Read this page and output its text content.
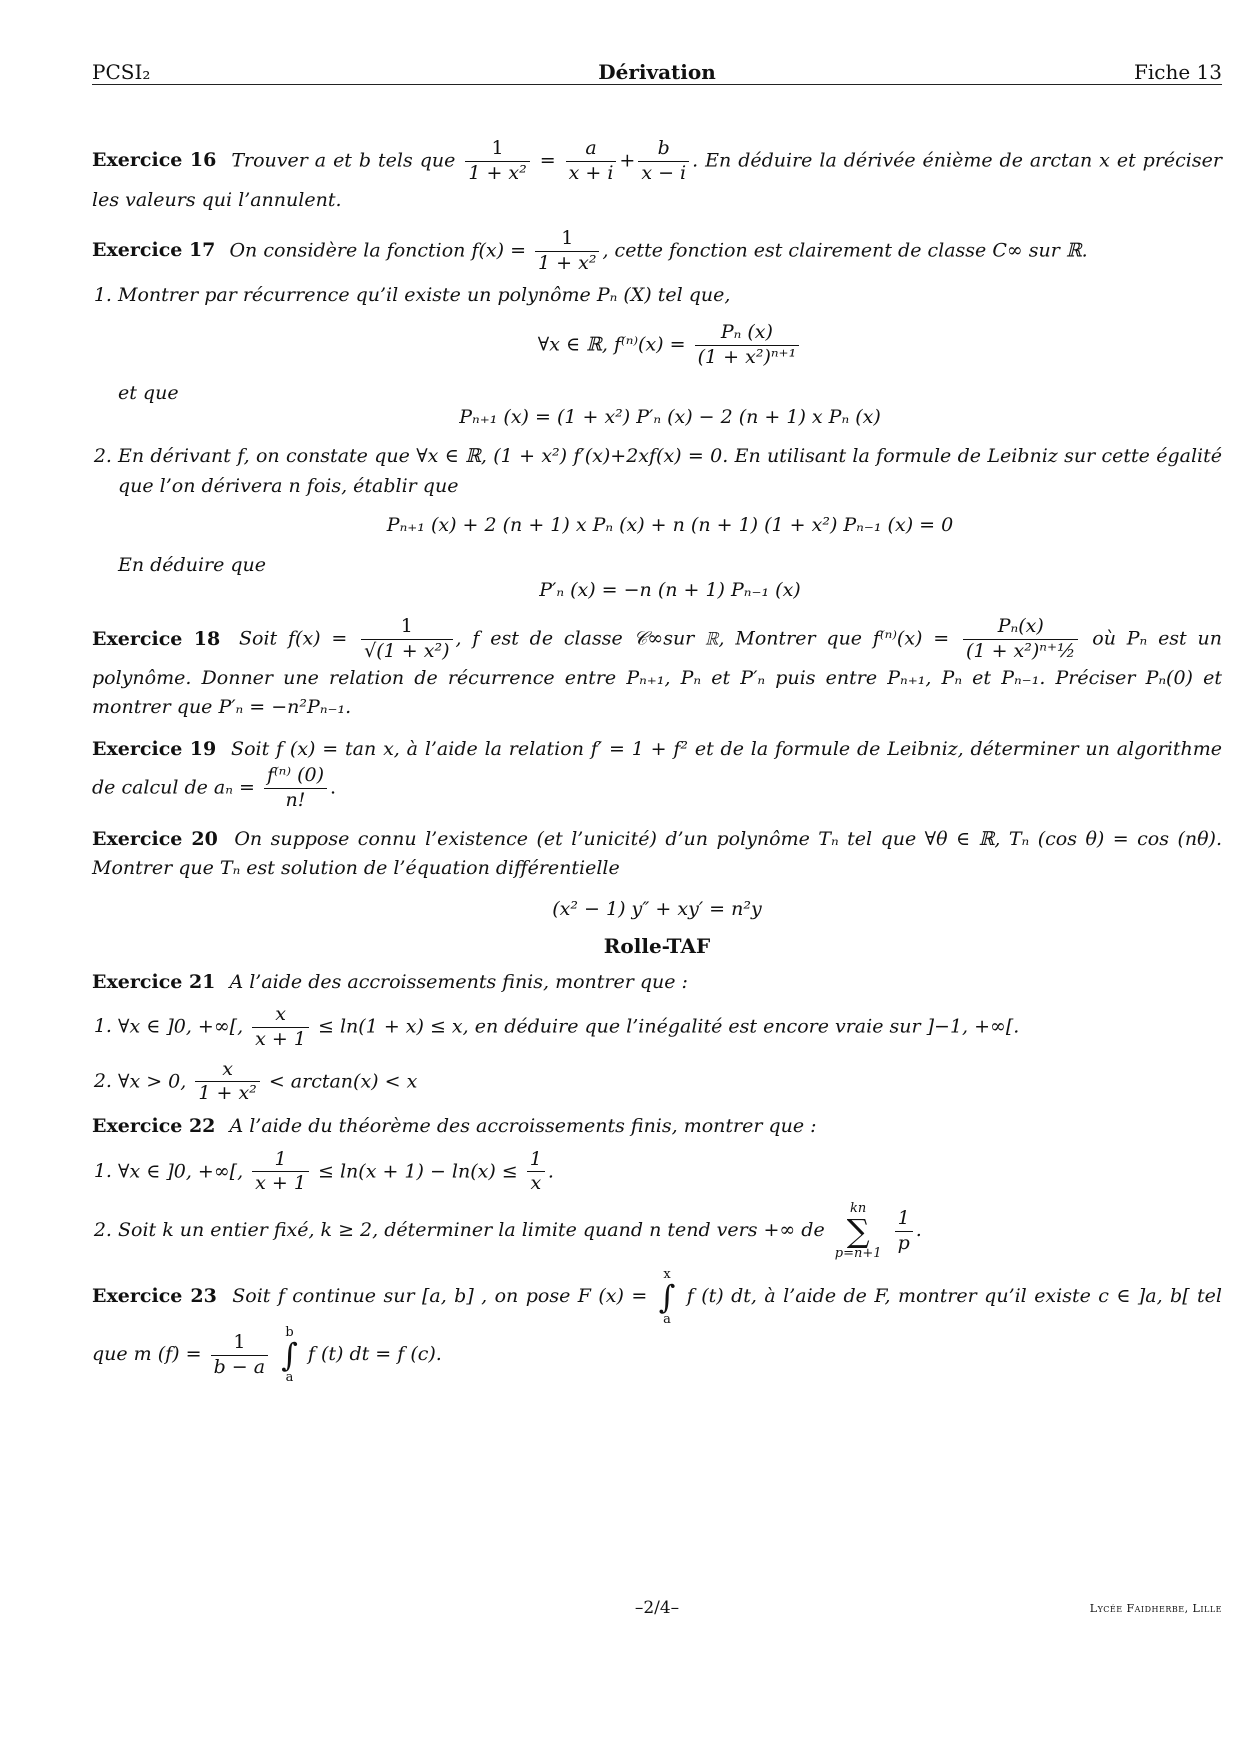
PCSI₂	Dérivation	Fiche 13

Exercice 16 Trouver a et b tels que $\frac{1}{\text{1 + x²}} = \frac{a}{x + i} + \frac{b}{x - i}$ . En déduire la dérivée énième de arctan x et préciser les valeurs qui l’annulent.

Exercice 17 On considère la fonction $f(x) = \frac{1}{\text{1 + x²}}$ , cette fonction est clairement de classe C∞ sur ℝ.

1. Montrer par récurrence qu’il existe un polynôme Pₙ (X) tel que,
∀x ∈ ℝ, $f^{(n)}(x) = \frac{\text{Pₙ (x)}}{\text{(1 + x²)ⁿ⁺¹}}$
et que
Pₙ₊₁ (x) = (1 + x²) P′ₙ (x) − 2 (n + 1) x Pₙ (x)
2. En dérivant f, on constate que ∀x ∈ ℝ, (1 + x²) f′(x)+2xf(x) = 0. En utilisant la formule de Leibniz sur cette égalité que l’on dérivera n fois, établir que
Pₙ₊₁ (x) + 2 (n + 1) x Pₙ (x) + n (n + 1) (1 + x²) Pₙ₋₁ (x) = 0
En déduire que
P′ₙ (x) = −n (n + 1) Pₙ₋₁ (x)

Exercice 18 Soit $f(x) = \frac{1}{\text{√(1 + x²)}}$ , f est de classe 𝒞∞sur ℝ, Montrer que $f^{(n)}(x) = \frac{\text{Pₙ(x)}}{\text{(1 + x²)ⁿ⁺½}}$ où Pₙ est un polynôme. Donner une relation de récurrence entre Pₙ₊₁, Pₙ et P′ₙ puis entre Pₙ₊₁, Pₙ et Pₙ₋₁. Préciser Pₙ(0) et montrer que P′ₙ = −n²Pₙ₋₁.

Exercice 19 Soit f (x) = tan x, à l’aide la relation f′ = 1 + f² et de la formule de Leibniz, déterminer un algorithme de calcul de $a_n = \frac{\text{f⁽ⁿ⁾ (0)}}{n!}$ .

Exercice 20 On suppose connu l’existence (et l’unicité) d’un polynôme Tₙ tel que ∀θ ∈ ℝ, Tₙ (cos θ) = cos (nθ). Montrer que Tₙ est solution de l’équation différentielle

(x² − 1) y″ + xy′ = n²y
Rolle-TAF

Exercice 21 A l’aide des accroissements finis, montrer que :

1. ∀x ∈ ]0, +∞[, $\frac{x}{x + 1} \le \ln(1 + x) \le x$, en déduire que l’inégalité est encore vraie sur ]−1, +∞[.
2. ∀x > 0, $\frac{x}{\text{1 + x²}} < \arctan(x) < x$

Exercice 22 A l’aide du théorème des accroissements finis, montrer que :

1. ∀x ∈ ]0, +∞[, $\frac{1}{x + 1} \le \ln(x + 1) - \ln(x) \le \frac{1}{x}$ .
2. Soit k un entier fixé, k ≥ 2, déterminer la limite quand n tend vers +∞ de
kn
∑
p=n+1
$\frac{1}{p}$ .

Exercice 23 Soit f continue sur [a, b] , on pose F (x) =
x
∫
a
f (t) dt, à l’aide de F, montrer qu’il existe c ∈ ]a, b[ tel que m $(f) = \frac{1}{b - a}$
	b
∫
a
f (t) dt = f (c).

–2/4–	Lycée Faidherbe, Lille
